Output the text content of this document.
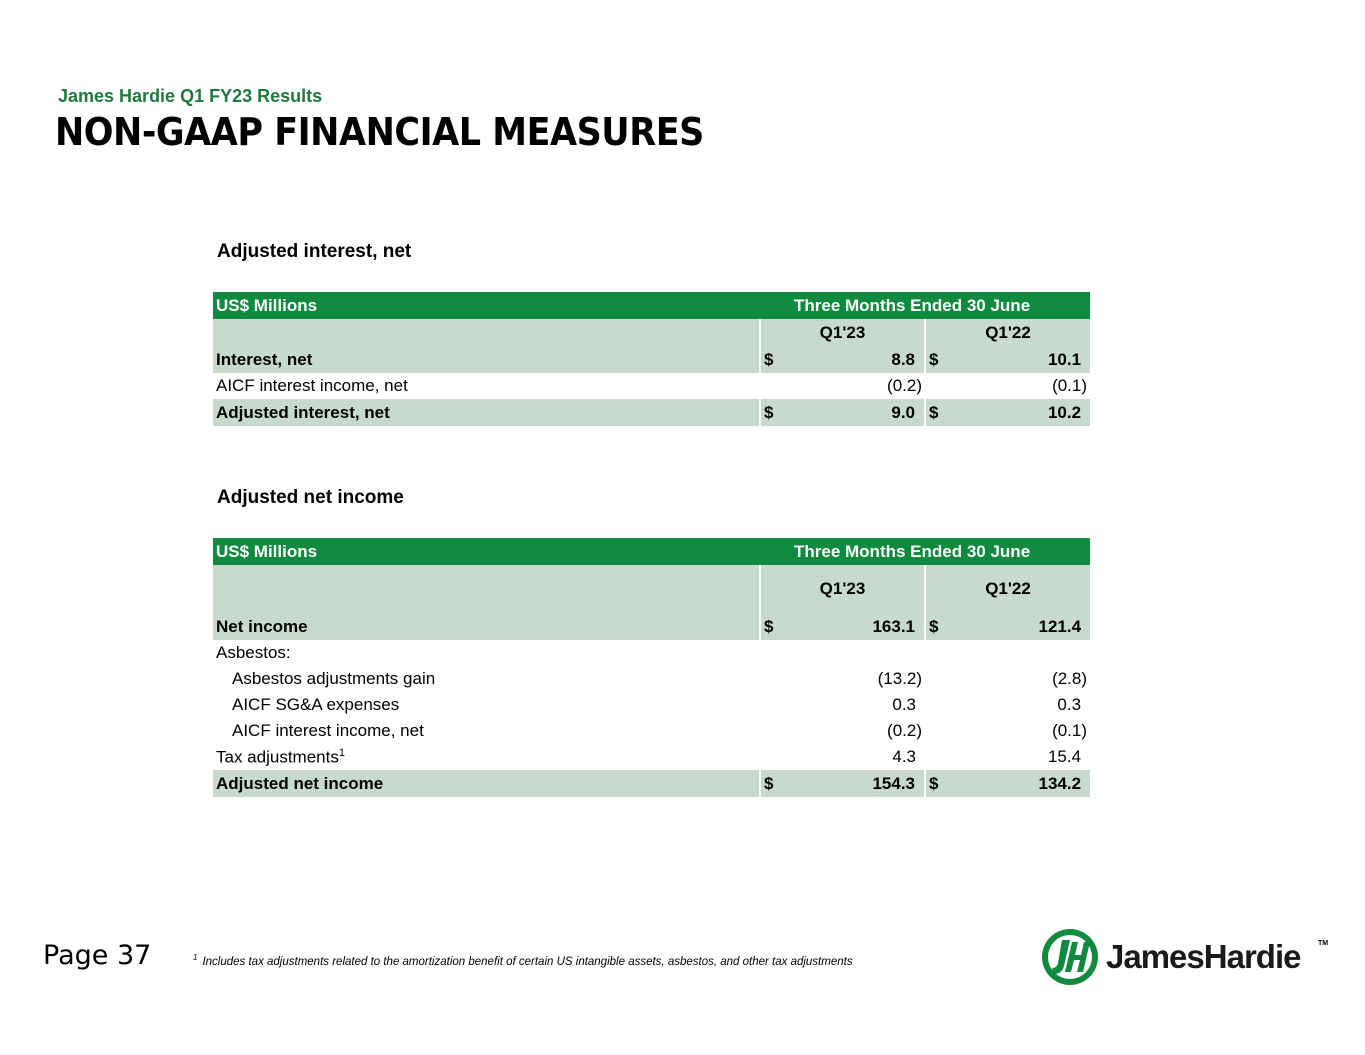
James Hardie Q1 FY23 Results
NON-GAAP FINANCIAL MEASURES
Adjusted interest, net
US$ Millions	Three Months Ended 30 June			
	Q1'23		Q1'22	
Interest, net	$	8.8	$	10.1
AICF interest income, net		(0.2)		(0.1)
Adjusted interest, net	$	9.0	$	10.2
Adjusted net income
US$ Millions	Three Months Ended 30 June			
	Q1'23		Q1'22	
Net income	$	163.1	$	121.4
Asbestos:				
Asbestos adjustments gain		(13.2)		(2.8)
AICF SG&A expenses		0.3		0.3
AICF interest income, net		(0.2)		(0.1)
Tax adjustments$^1$		4.3		15.4
Adjusted net income	$	154.3	$	134.2
Page 37	$^1$ Includes tax adjustments related to the amortization benefit of certain US intangible assets, asbestos, and other tax adjustments	JamesHardie	TM
